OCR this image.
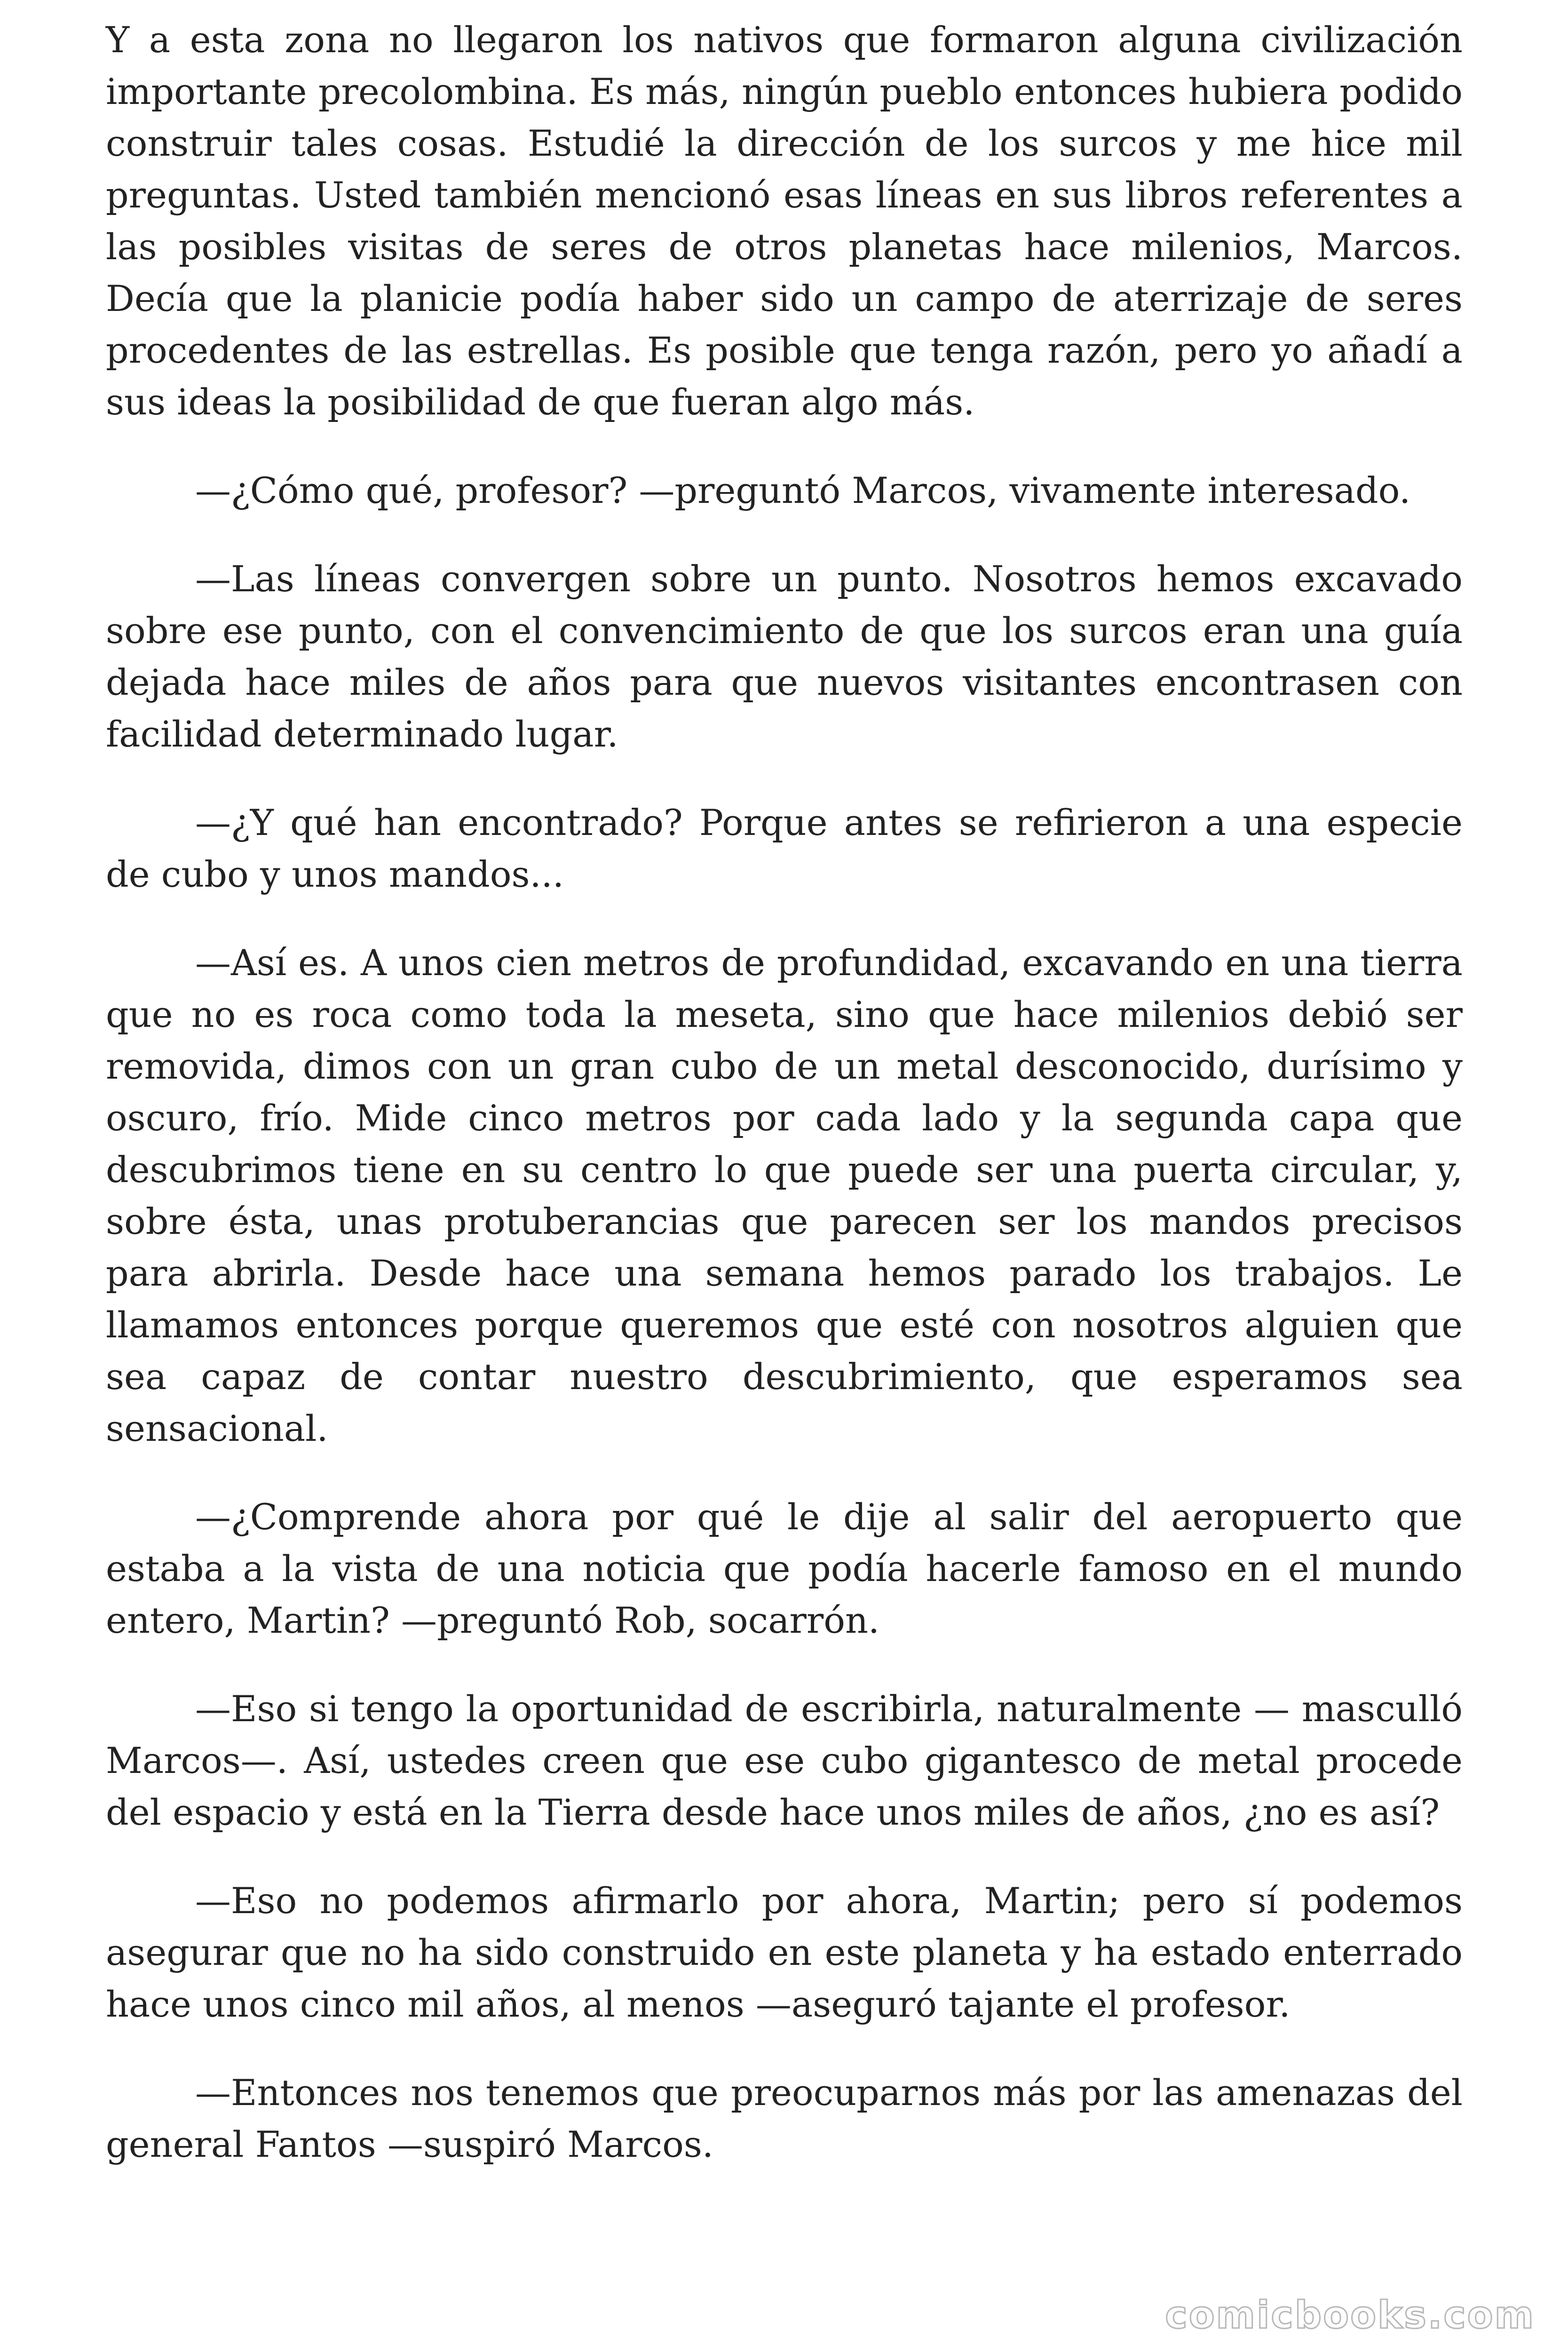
Y a esta zona no llegaron los nativos que formaron alguna civilización importante precolombina. Es más, ningún pueblo entonces hubiera podido construir tales cosas. Estudié la dirección de los surcos y me hice mil preguntas. Usted también mencionó esas líneas en sus libros referentes a las posibles visitas de seres de otros planetas hace milenios, Marcos. Decía que la planicie podía haber sido un campo de aterrizaje de seres procedentes de las estrellas. Es posible que tenga razón, pero yo añadí a sus ideas la posibilidad de que fueran algo más.

—¿Cómo qué, profesor? —preguntó Marcos, vivamente interesado.

—Las líneas convergen sobre un punto. Nosotros hemos excavado sobre ese punto, con el convencimiento de que los surcos eran una guía dejada hace miles de años para que nuevos visitantes encontrasen con facilidad determinado lugar.

—¿Y qué han encontrado? Porque antes se refirieron a una especie de cubo y unos mandos...

—Así es. A unos cien metros de profundidad, excavando en una tierra que no es roca como toda la meseta, sino que hace milenios debió ser removida, dimos con un gran cubo de un metal desconocido, durísimo y oscuro, frío. Mide cinco metros por cada lado y la segunda capa que descubrimos tiene en su centro lo que puede ser una puerta circular, y, sobre ésta, unas protuberancias que parecen ser los mandos precisos para abrirla. Desde hace una semana hemos parado los trabajos. Le llamamos entonces porque queremos que esté con nosotros alguien que sea capaz de contar nuestro descubrimiento, que esperamos sea sensacional.

—¿Comprende ahora por qué le dije al salir del aeropuerto que estaba a la vista de una noticia que podía hacerle famoso en el mundo entero, Martin? —preguntó Rob, socarrón.

—Eso si tengo la oportunidad de escribirla, naturalmente — masculló Marcos—. Así, ustedes creen que ese cubo gigantesco de metal procede del espacio y está en la Tierra desde hace unos miles de años, ¿no es así?

—Eso no podemos afirmarlo por ahora, Martin; pero sí podemos asegurar que no ha sido construido en este planeta y ha estado enterrado hace unos cinco mil años, al menos —aseguró tajante el profesor.

—Entonces nos tenemos que preocuparnos más por las amenazas del general Fantos —suspiró Marcos.

comicbooks.com
